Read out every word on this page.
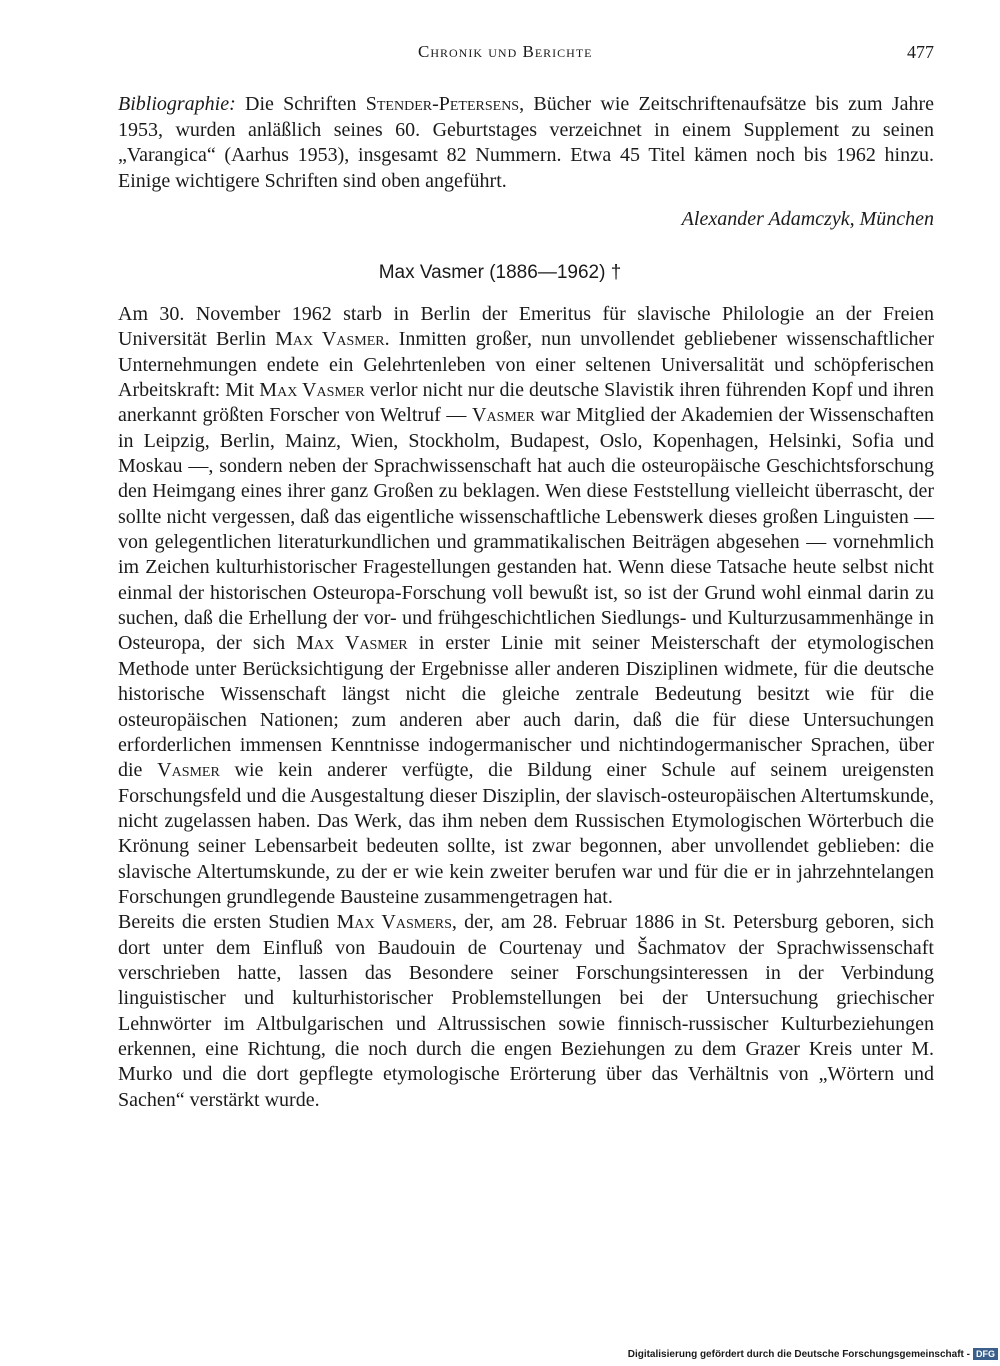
Chronik und Berichte	477
Bibliographie: Die Schriften Stender-Petersens, Bücher wie Zeitschriftenaufsätze bis zum Jahre 1953, wurden anläßlich seines 60. Geburtstages verzeichnet in einem Supplement zu seinen „Varangica“ (Aarhus 1953), insgesamt 82 Nummern. Etwa 45 Titel kämen noch bis 1962 hinzu. Einige wichtigere Schriften sind oben angeführt.
Alexander Adamczyk, München
Max Vasmer (1886—1962) †

Am 30. November 1962 starb in Berlin der Emeritus für slavische Philologie an der Freien Universität Berlin Max Vasmer. Inmitten großer, nun unvollendet gebliebener wissenschaftlicher Unternehmungen endete ein Gelehrtenleben von einer seltenen Universalität und schöpferischen Arbeitskraft: Mit Max Vasmer verlor nicht nur die deutsche Slavistik ihren führenden Kopf und ihren anerkannt größten Forscher von Weltruf — Vasmer war Mitglied der Akademien der Wissenschaften in Leipzig, Berlin, Mainz, Wien, Stockholm, Budapest, Oslo, Kopenhagen, Helsinki, Sofia und Moskau —, sondern neben der Sprachwissenschaft hat auch die osteuropäische Geschichtsforschung den Heimgang eines ihrer ganz Großen zu beklagen. Wen diese Feststellung vielleicht überrascht, der sollte nicht vergessen, daß das eigentliche wissenschaftliche Lebenswerk dieses großen Linguisten — von gelegentlichen literaturkundlichen und grammatikalischen Beiträgen abgesehen — vornehmlich im Zeichen kulturhistorischer Fragestellungen gestanden hat. Wenn diese Tatsache heute selbst nicht einmal der historischen Osteuropa-Forschung voll bewußt ist, so ist der Grund wohl einmal darin zu suchen, daß die Erhellung der vor- und frühgeschichtlichen Siedlungs- und Kulturzusammenhänge in Osteuropa, der sich Max Vasmer in erster Linie mit seiner Meisterschaft der etymologischen Methode unter Berücksichtigung der Ergebnisse aller anderen Disziplinen widmete, für die deutsche historische Wissenschaft längst nicht die gleiche zentrale Bedeutung besitzt wie für die osteuropäischen Nationen; zum anderen aber auch darin, daß die für diese Untersuchungen erforderlichen immensen Kenntnisse indogermanischer und nichtindogermanischer Sprachen, über die Vasmer wie kein anderer verfügte, die Bildung einer Schule auf seinem ureigensten Forschungsfeld und die Ausgestaltung dieser Disziplin, der slavisch-osteuropäischen Altertumskunde, nicht zugelassen haben. Das Werk, das ihm neben dem Russischen Etymologischen Wörterbuch die Krönung seiner Lebensarbeit bedeuten sollte, ist zwar begonnen, aber unvollendet geblieben: die slavische Altertumskunde, zu der er wie kein zweiter berufen war und für die er in jahrzehntelangen Forschungen grundlegende Bausteine zusammengetragen hat.

Bereits die ersten Studien Max Vasmers, der, am 28. Februar 1886 in St. Petersburg geboren, sich dort unter dem Einfluß von Baudouin de Courtenay und Šachmatov der Sprachwissenschaft verschrieben hatte, lassen das Besondere seiner Forschungsinteressen in der Verbindung linguistischer und kulturhistorischer Problemstellungen bei der Untersuchung griechischer Lehnwörter im Altbulgarischen und Altrussischen sowie finnisch-russischer Kulturbeziehungen erkennen, eine Richtung, die noch durch die engen Beziehungen zu dem Grazer Kreis unter M. Murko und die dort gepflegte etymologische Erörterung über das Verhältnis von „Wörtern und Sachen“ verstärkt wurde.

Digitalisierung gefördert durch die Deutsche Forschungsgemeinschaft - DFG
